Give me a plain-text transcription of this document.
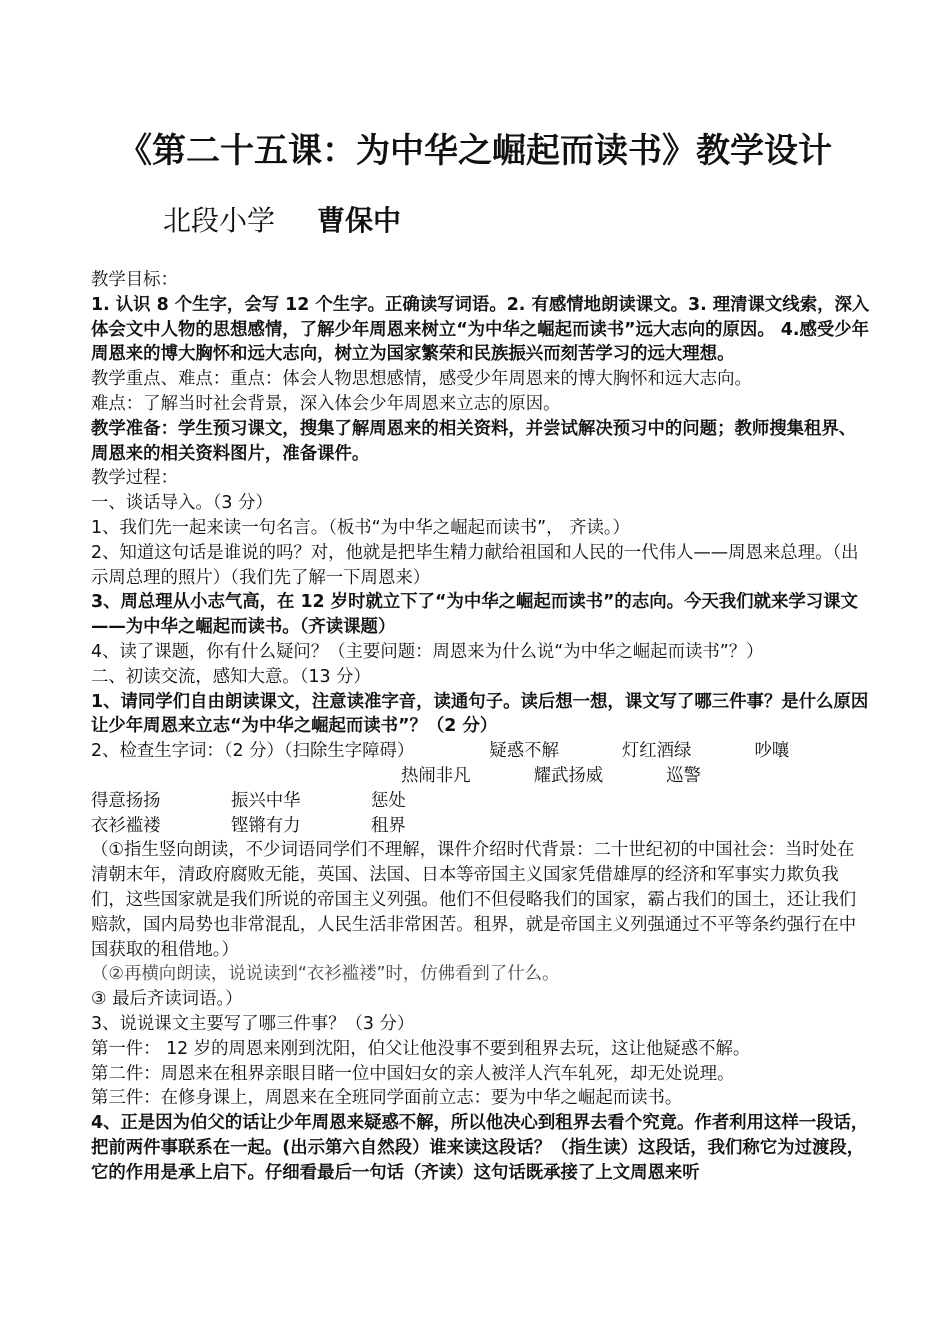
《第二十五课：为中华之崛起而读书》教学设计
北段小学 曹保中

教学目标：

1. 认识 8 个生字，会写 12 个生字。正确读写词语。2. 有感情地朗读课文。3. 理清课文线索，深入体会文中人物的思想感情，了解少年周恩来树立“为中华之崛起而读书”远大志向的原因。 4.感受少年周恩来的博大胸怀和远大志向，树立为国家繁荣和民族振兴而刻苦学习的远大理想。

教学重点、难点：重点：体会人物思想感情，感受少年周恩来的博大胸怀和远大志向。

难点：了解当时社会背景，深入体会少年周恩来立志的原因。

教学准备：学生预习课文，搜集了解周恩来的相关资料，并尝试解决预习中的问题；教师搜集租界、周恩来的相关资料图片，准备课件。

教学过程：

一、谈话导入。（3 分）

1、我们先一起来读一句名言。（板书“为中华之崛起而读书”， 齐读。）

2、知道这句话是谁说的吗？对，他就是把毕生精力献给祖国和人民的一代伟人——周恩来总理。（出示周总理的照片）（我们先了解一下周恩来）

3、周总理从小志气高，在 12 岁时就立下了“为中华之崛起而读书”的志向。今天我们就来学习课文——为中华之崛起而读书。（齐读课题）

4、读了课题，你有什么疑问？（主要问题：周恩来为什么说“为中华之崛起而读书”？）

二、初读交流，感知大意。（13 分）

1、请同学们自由朗读课文，注意读准字音，读通句子。读后想一想，课文写了哪三件事？是什么原因让少年周恩来立志“为中华之崛起而读书”？（2 分）

2、检查生字词：（2 分）（扫除生字障碍）	疑惑不解	灯红酒绿	吵嚷
热闹非凡	耀武扬威	巡警
得意扬扬	振兴中华	惩处
衣衫褴褛	铿锵有力	租界

（①指生竖向朗读，不少词语同学们不理解，课件介绍时代背景：二十世纪初的中国社会：当时处在清朝末年，清政府腐败无能，英国、法国、日本等帝国主义国家凭借雄厚的经济和军事实力欺负我们，这些国家就是我们所说的帝国主义列强。他们不但侵略我们的国家，霸占我们的国土，还让我们赔款，国内局势也非常混乱，人民生活非常困苦。租界，就是帝国主义列强通过不平等条约强行在中国获取的租借地。）

（②再横向朗读，说说读到“衣衫褴褛”时，仿佛看到了什么。

③ 最后齐读词语。）

3、说说课文主要写了哪三件事？（3 分）

第一件： 12 岁的周恩来刚到沈阳，伯父让他没事不要到租界去玩，这让他疑惑不解。

第二件：周恩来在租界亲眼目睹一位中国妇女的亲人被洋人汽车轧死，却无处说理。

第三件：在修身课上，周恩来在全班同学面前立志：要为中华之崛起而读书。

4、正是因为伯父的话让少年周恩来疑惑不解，所以他决心到租界去看个究竟。作者利用这样一段话，把前两件事联系在一起。(出示第六自然段）谁来读这段话？（指生读）这段话，我们称它为过渡段，它的作用是承上启下。仔细看最后一句话（齐读）这句话既承接了上文周恩来听
